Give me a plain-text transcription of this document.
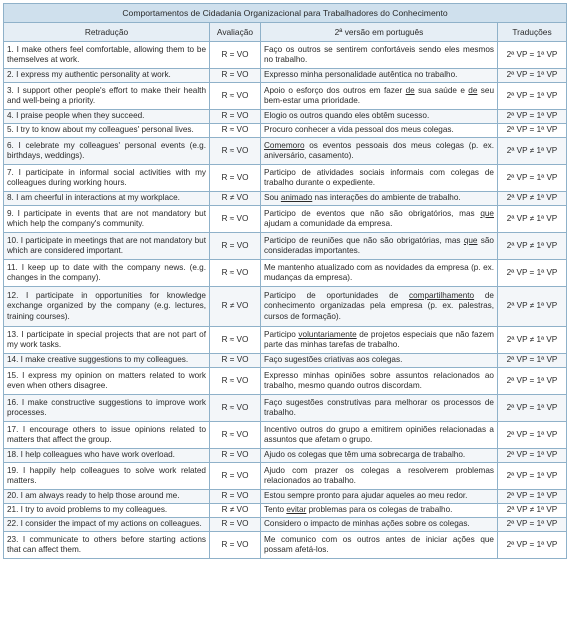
Comportamentos de Cidadania Organizacional para Trabalhadores do Conhecimento			
Retradução	Avaliação	2ª versão em português	Traduções
1. I make others feel comfortable, allowing them to be themselves at work.	R = VO	Faço os outros se sentirem confortáveis sendo eles mesmos no trabalho.	2ª VP = 1ª VP
2. I express my authentic personality at work.	R = VO	Expresso minha personalidade autêntica no trabalho.	2ª VP = 1ª VP
3. I support other people's effort to make their health and well-being a priority.	R ≈ VO	Apoio o esforço dos outros em fazer de sua saúde e de seu bem-estar uma prioridade.	2ª VP = 1ª VP
4. I praise people when they succeed.	R = VO	Elogio os outros quando eles obtêm sucesso.	2ª VP = 1ª VP
5. I try to know about my colleagues' personal lives.	R ≈ VO	Procuro conhecer a vida pessoal dos meus colegas.	2ª VP = 1ª VP
6. I celebrate my colleagues' personal events (e.g. birthdays, weddings).	R ≈ VO	Comemoro os eventos pessoais dos meus colegas (p. ex. aniversário, casamento).	2ª VP ≠ 1ª VP
7. I participate in informal social activities with my colleagues during working hours.	R = VO	Participo de atividades sociais informais com colegas de trabalho durante o expediente.	2ª VP = 1ª VP
8. I am cheerful in interactions at my workplace.	R ≠ VO	Sou animado nas interações do ambiente de trabalho.	2ª VP ≠ 1ª VP
9. I participate in events that are not mandatory but which help the company's community.	R ≈ VO	Participo de eventos que não são obrigatórios, mas que ajudam a comunidade da empresa.	2ª VP ≠ 1ª VP
10. I participate in meetings that are not mandatory but which are considered important.	R = VO	Participo de reuniões que não são obrigatórias, mas que são consideradas importantes.	2ª VP ≠ 1ª VP
11. I keep up to date with the company news. (e.g. changes in the company).	R ≈ VO	Me mantenho atualizado com as novidades da empresa (p. ex. mudanças da empresa).	2ª VP = 1ª VP
12. I participate in opportunities for knowledge exchange organized by the company (e.g. lectures, training courses).	R ≠ VO	Participo de oportunidades de compartilhamento de conhecimento organizadas pela empresa (p. ex. palestras, cursos de formação).	2ª VP ≠ 1ª VP
13. I participate in special projects that are not part of my work tasks.	R ≈ VO	Participo voluntariamente de projetos especiais que não fazem parte das minhas tarefas de trabalho.	2ª VP ≠ 1ª VP
14. I make creative suggestions to my colleagues.	R = VO	Faço sugestões criativas aos colegas.	2ª VP = 1ª VP
15. I express my opinion on matters related to work even when others disagree.	R ≈ VO	Expresso minhas opiniões sobre assuntos relacionados ao trabalho, mesmo quando outros discordam.	2ª VP = 1ª VP
16. I make constructive suggestions to improve work processes.	R ≈ VO	Faço sugestões construtivas para melhorar os processos de trabalho.	2ª VP = 1ª VP
17. I encourage others to issue opinions related to matters that affect the group.	R ≈ VO	Incentivo outros do grupo a emitirem opiniões relacionadas a assuntos que afetam o grupo.	2ª VP = 1ª VP
18. I help colleagues who have work overload.	R = VO	Ajudo os colegas que têm uma sobrecarga de trabalho.	2ª VP = 1ª VP
19. I happily help colleagues to solve work related matters.	R = VO	Ajudo com prazer os colegas a resolverem problemas relacionados ao trabalho.	2ª VP = 1ª VP
20. I am always ready to help those around me.	R = VO	Estou sempre pronto para ajudar aqueles ao meu redor.	2ª VP = 1ª VP
21. I try to avoid problems to my colleagues.	R ≠ VO	Tento evitar problemas para os colegas de trabalho.	2ª VP ≠ 1ª VP
22. I consider the impact of my actions on colleagues.	R = VO	Considero o impacto de minhas ações sobre os colegas.	2ª VP = 1ª VP
23. I communicate to others before starting actions that can affect them.	R = VO	Me comunico com os outros antes de iniciar ações que possam afetá-los.	2ª VP = 1ª VP
